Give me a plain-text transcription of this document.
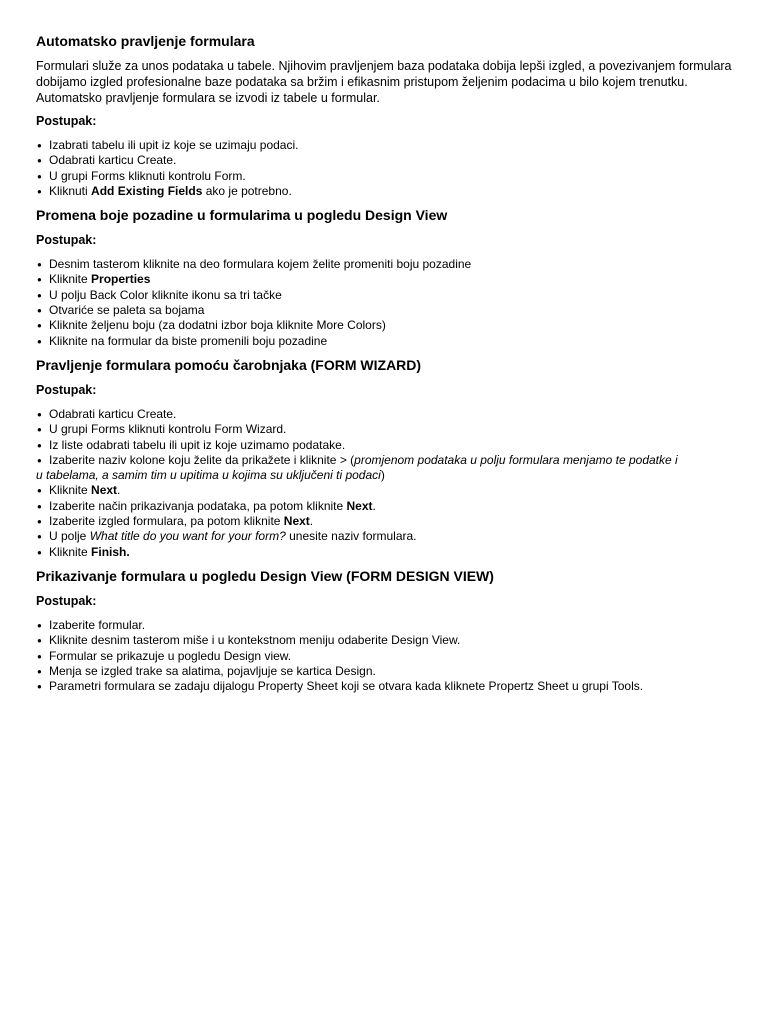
Automatsko pravljenje formulara

Formulari služe za unos podataka u tabele. Njihovim pravljenjem baza podataka dobija lepši izgled, a povezivanjem formulara dobijamo izgled profesionalne baze podataka sa bržim i efikasnim pristupom željenim podacima u bilo kojem trenutku. Automatsko pravljenje formulara se izvodi iz tabele u formular.

Postupak:
● Izabrati tabelu ili upit iz koje se uzimaju podaci.
● Odabrati karticu Create.
● U grupi Forms kliknuti kontrolu Form.
● Kliknuti Add Existing Fields ako je potrebno.
Promena boje pozadine u formularima u pogledu Design View
Postupak:
● Desnim tasterom kliknite na deo formulara kojem želite promeniti boju pozadine
● Kliknite Properties
● U polju Back Color kliknite ikonu sa tri tačke
● Otvariće se paleta sa bojama
● Kliknite željenu boju (za dodatni izbor boja kliknite More Colors)
● Kliknite na formular da biste promenili boju pozadine
Pravljenje formulara pomoću čarobnjaka (FORM WIZARD)
Postupak:
● Odabrati karticu Create.
● U grupi Forms kliknuti kontrolu Form Wizard.
● Iz liste odabrati tabelu ili upit iz koje uzimamo podatake.
● Izaberite naziv kolone koju želite da prikažete i kliknite > (promjenom podataka u polju formulara menjamo te podatke i
u tabelama, a samim tim u upitima u kojima su uključeni ti podaci)
● Kliknite Next.
● Izaberite način prikazivanja podataka, pa potom kliknite Next.
● Izaberite izgled formulara, pa potom kliknite Next.
● U polje What title do you want for your form? unesite naziv formulara.
● Kliknite Finish.
Prikazivanje formulara u pogledu Design View (FORM DESIGN VIEW)
Postupak:
● Izaberite formular.
● Kliknite desnim tasterom miše i u kontekstnom meniju odaberite Design View.
● Formular se prikazuje u pogledu Design view.
● Menja se izgled trake sa alatima, pojavljuje se kartica Design.
● Parametri formulara se zadaju dijalogu Property Sheet koji se otvara kada kliknete Propertz Sheet u grupi Tools.
